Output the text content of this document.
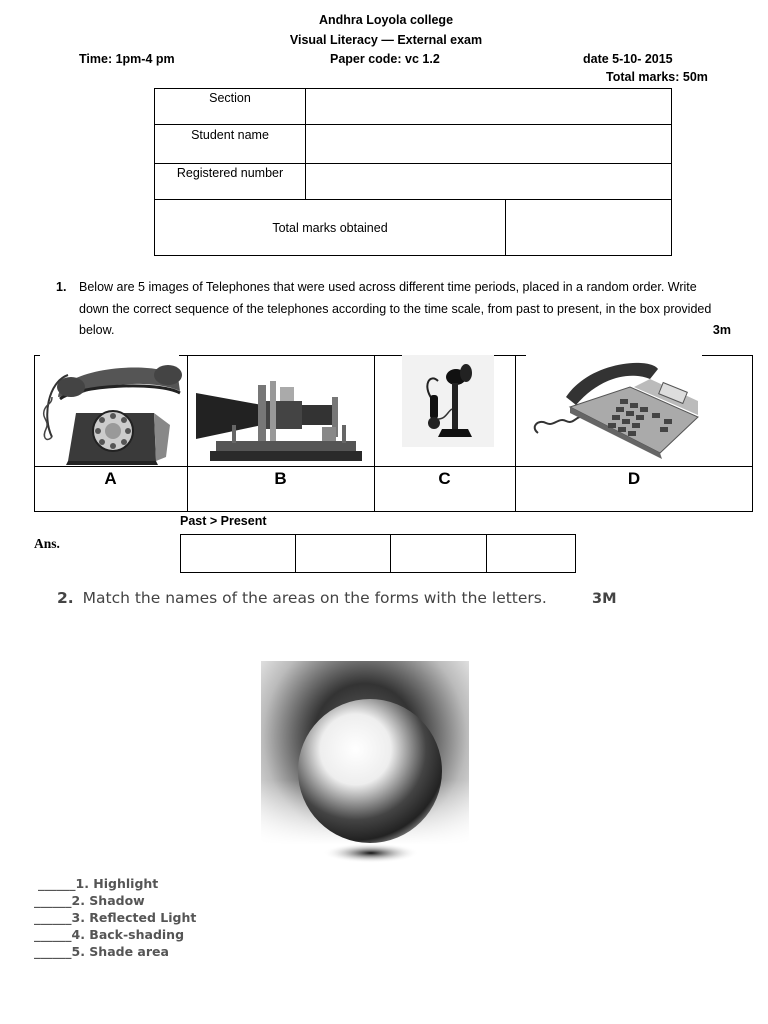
Andhra Loyola college
Visual Literacy — External exam
Time: 1pm-4 pm	Paper code: vc 1.2	date 5-10- 2015
Total marks: 50m
Section		
Student name		
Registered number		
Total marks obtained		
1. Below are 5 images of Telephones that were used across different time periods, placed in a random order. Write down the correct sequence of the telephones according to the time scale, from past to present, in the box provided below.	3m
A	B	C	D
Past > Present
Ans.
2. Match the names of the areas on the forms with the letters.	3M
______1. Highlight
______2. Shadow
______3. Reflected Light
______4. Back-shading
______5. Shade area
